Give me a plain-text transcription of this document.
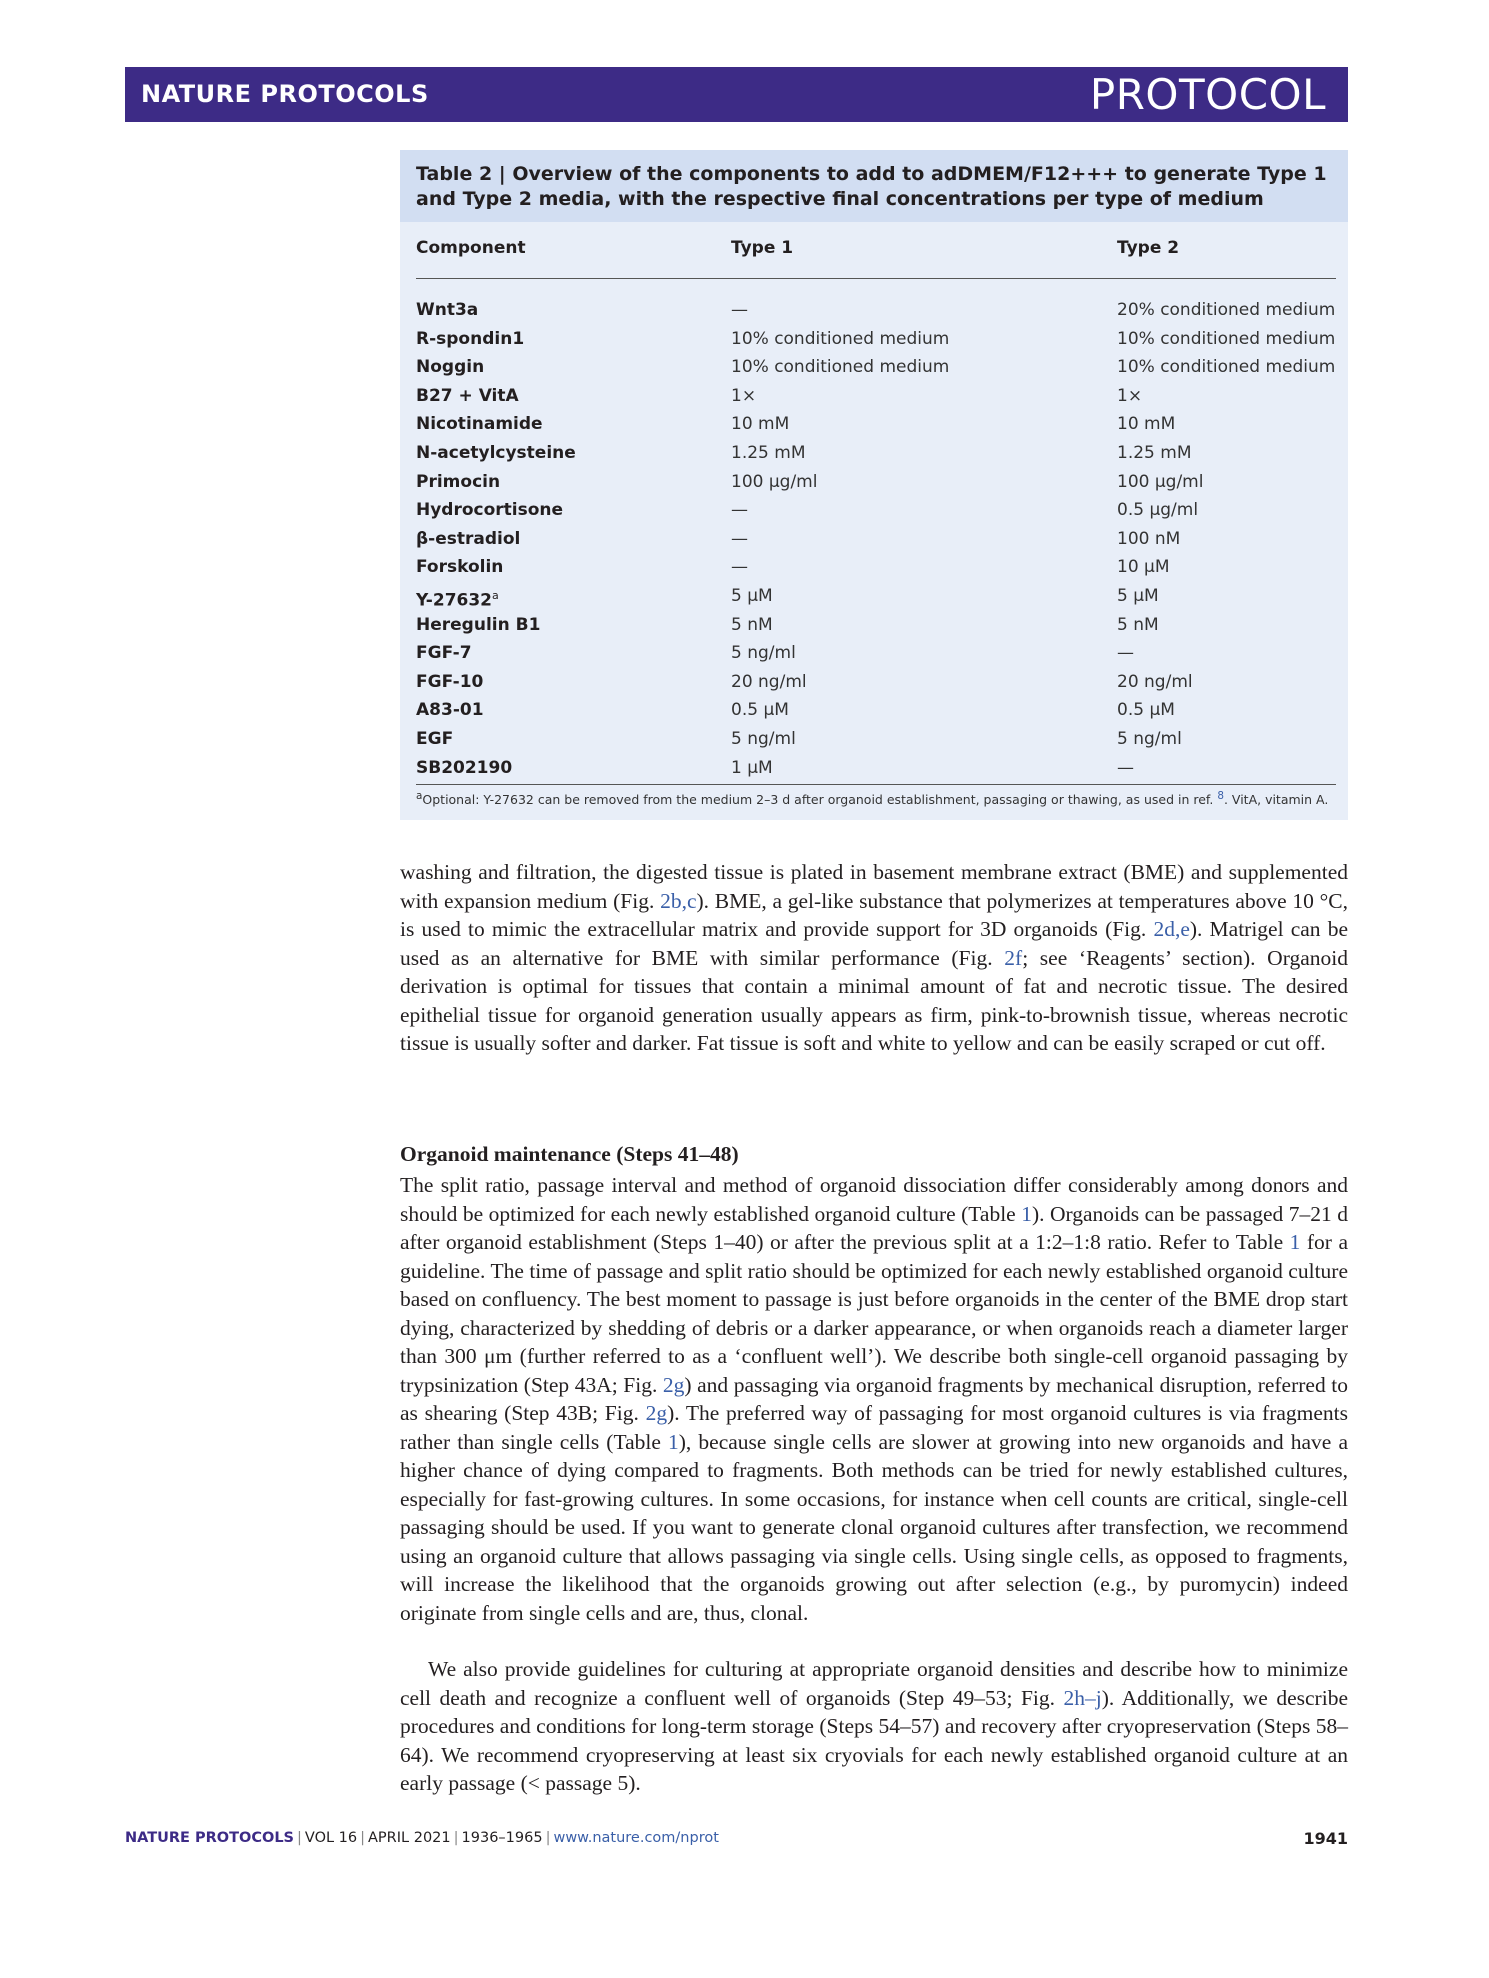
NATURE PROTOCOLS	PROTOCOL
Table 2 | Overview of the components to add to adDMEM/F12+++ to generate Type 1 and Type 2 media, with the respective final concentrations per type of medium
Component	Type 1	Type 2
Wnt3a	—	20% conditioned medium
R-spondin1	10% conditioned medium	10% conditioned medium
Noggin	10% conditioned medium	10% conditioned medium
B27 + VitA	1×	1×
Nicotinamide	10 mM	10 mM
N-acetylcysteine	1.25 mM	1.25 mM
Primocin	100 μg/ml	100 μg/ml
Hydrocortisone	—	0.5 μg/ml
β-estradiol	—	100 nM
Forskolin	—	10 μM
Y-27632$^a$	5 μM	5 μM
Heregulin B1	5 nM	5 nM
FGF-7	5 ng/ml	—
FGF-10	20 ng/ml	20 ng/ml
A83-01	0.5 μM	0.5 μM
EGF	5 ng/ml	5 ng/ml
SB202190	1 μM	—
$^a$Optional: Y-27632 can be removed from the medium 2–3 d after organoid establishment, passaging or thawing, as used in ref. $^8$. VitA, vitamin A.

washing and filtration, the digested tissue is plated in basement membrane extract (BME) and supplemented with expansion medium (Fig. 2b,c). BME, a gel-like substance that polymerizes at temperatures above 10 °C, is used to mimic the extracellular matrix and provide support for 3D organoids (Fig. 2d,e). Matrigel can be used as an alternative for BME with similar performance (Fig. 2f; see ‘Reagents’ section). Organoid derivation is optimal for tissues that contain a minimal amount of fat and necrotic tissue. The desired epithelial tissue for organoid generation usually appears as firm, pink-to-brownish tissue, whereas necrotic tissue is usually softer and darker. Fat tissue is soft and white to yellow and can be easily scraped or cut off.

Organoid maintenance (Steps 41–48)

The split ratio, passage interval and method of organoid dissociation differ considerably among donors and should be optimized for each newly established organoid culture (Table 1). Organoids can be passaged 7–21 d after organoid establishment (Steps 1–40) or after the previous split at a 1:2–1:8 ratio. Refer to Table 1 for a guideline. The time of passage and split ratio should be optimized for each newly established organoid culture based on confluency. The best moment to passage is just before organoids in the center of the BME drop start dying, characterized by shedding of debris or a darker appearance, or when organoids reach a diameter larger than 300 μm (further referred to as a ‘confluent well’). We describe both single-cell organoid passaging by trypsinization (Step 43A; Fig. 2g) and passaging via organoid fragments by mechanical disruption, referred to as shearing (Step 43B; Fig. 2g). The preferred way of passaging for most organoid cultures is via fragments rather than single cells (Table 1), because single cells are slower at growing into new organoids and have a higher chance of dying compared to fragments. Both methods can be tried for newly established cultures, especially for fast-growing cultures. In some occasions, for instance when cell counts are critical, single-cell passaging should be used. If you want to generate clonal organoid cultures after transfection, we recommend using an organoid culture that allows passaging via single cells. Using single cells, as opposed to fragments, will increase the likelihood that the organoids growing out after selection (e.g., by puromycin) indeed originate from single cells and are, thus, clonal.

We also provide guidelines for culturing at appropriate organoid densities and describe how to minimize cell death and recognize a confluent well of organoids (Step 49–53; Fig. 2h–j). Additionally, we describe procedures and conditions for long-term storage (Steps 54–57) and recovery after cryopreservation (Steps 58–64). We recommend cryopreserving at least six cryovials for each newly established organoid culture at an early passage (< passage 5).

NATURE PROTOCOLS | VOL 16 | APRIL 2021 | 1936–1965 | www.nature.com/nprot	1941
